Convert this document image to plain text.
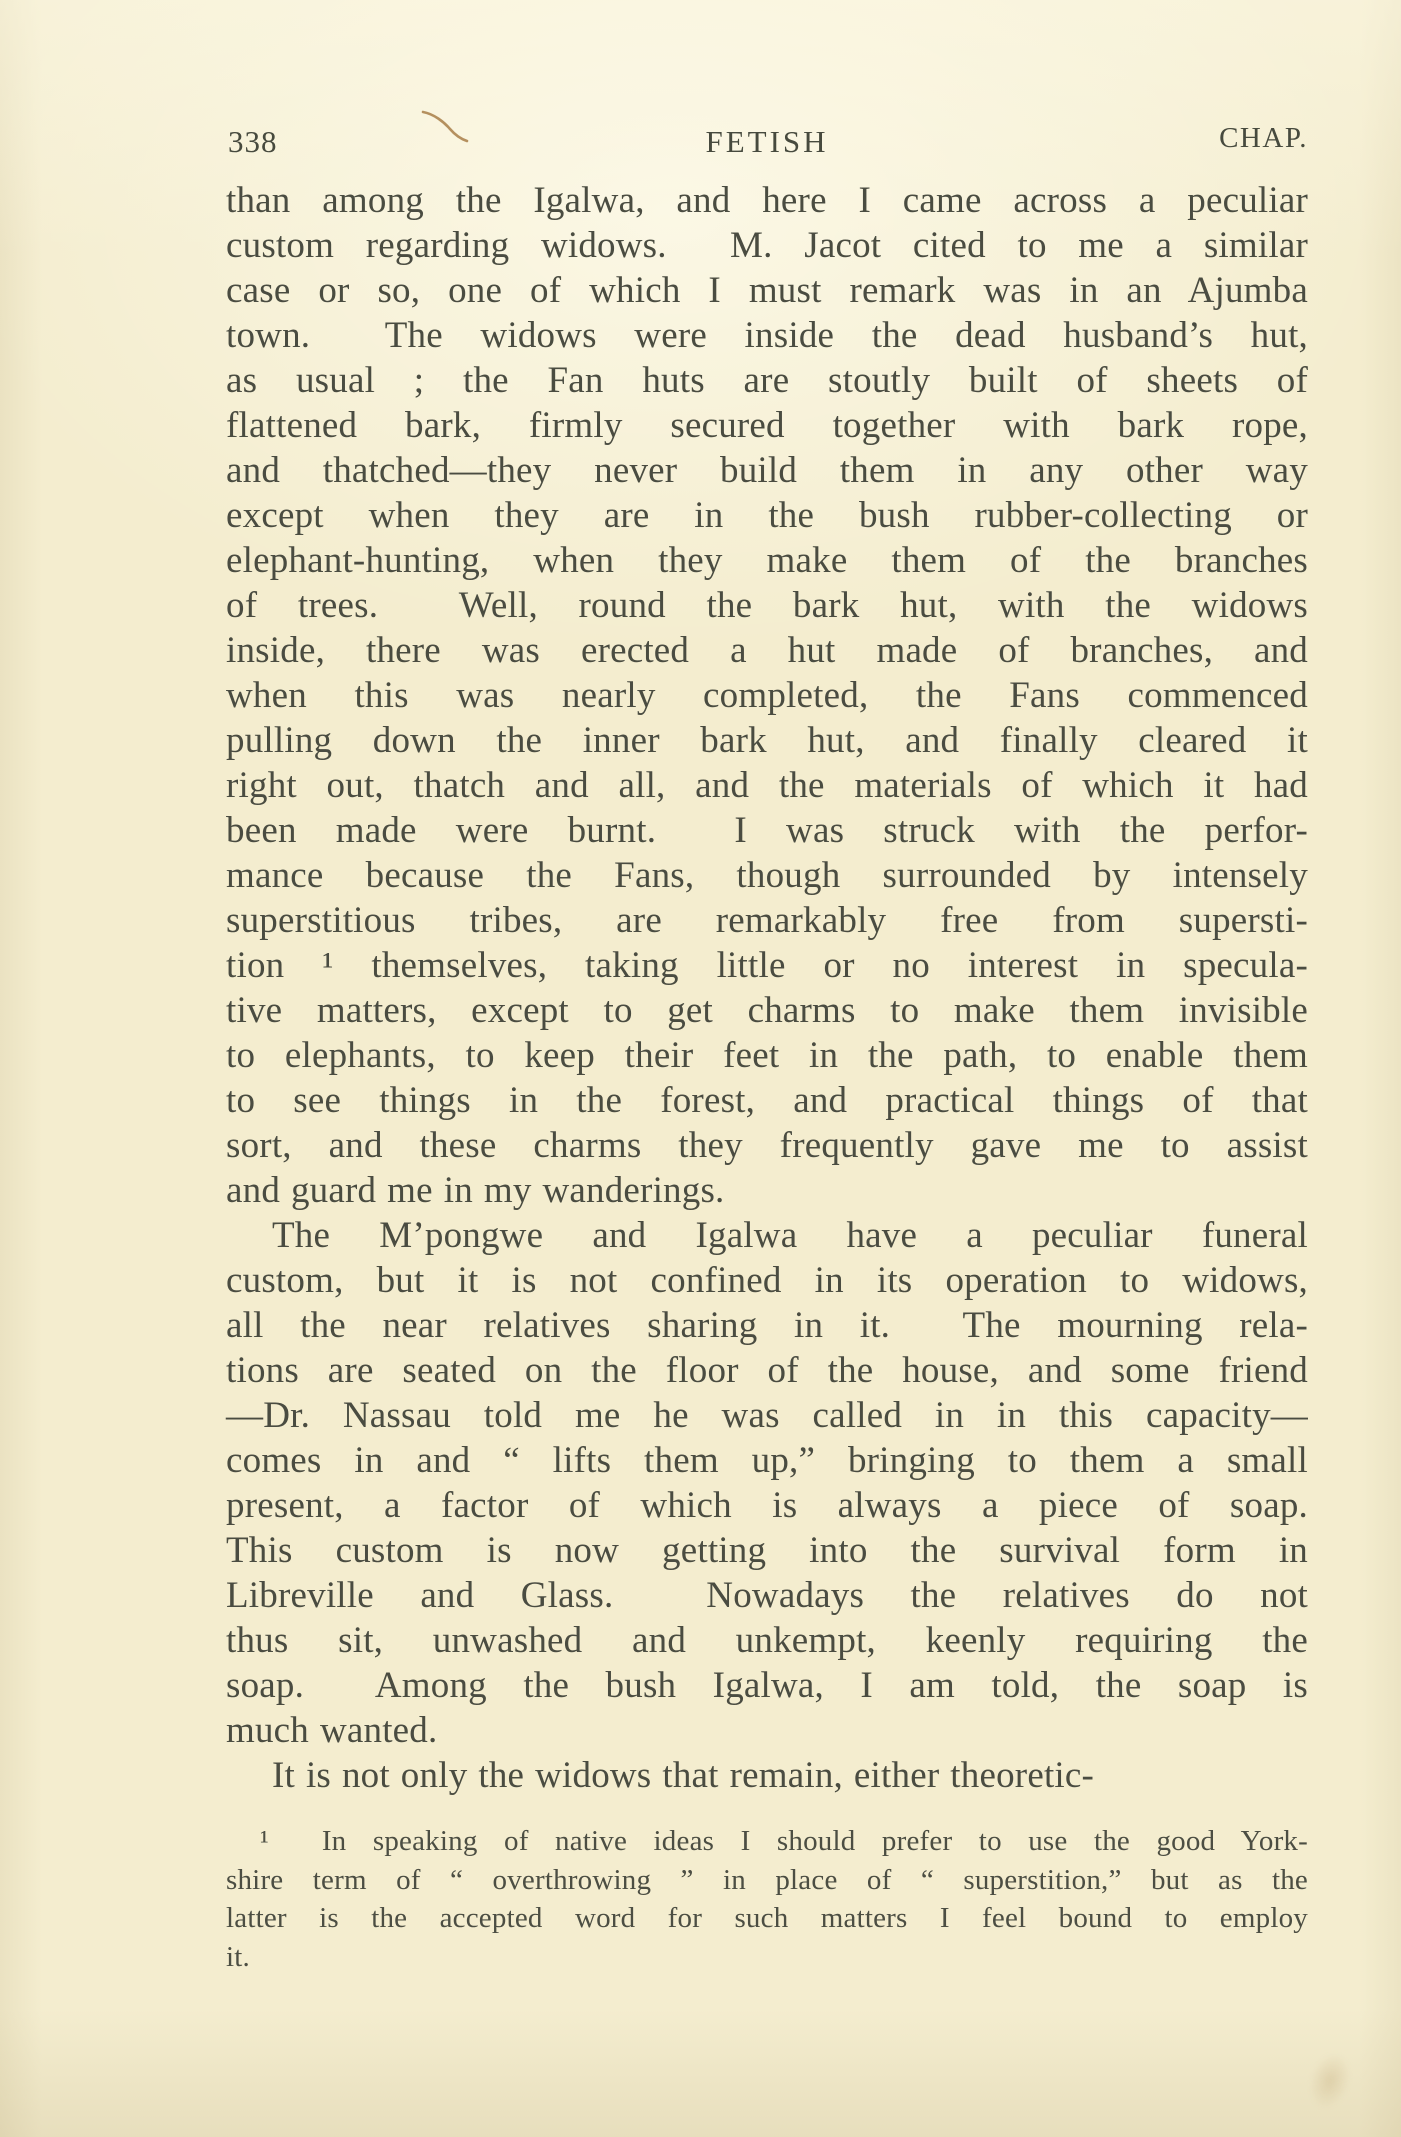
338	FETISH	CHAP.
than among the Igalwa, and here I came across a peculiar
custom regarding widows.  M. Jacot cited to me a similar
case or so, one of which I must remark was in an Ajumba
town.  The widows were inside the dead husband’s hut,
as usual ; the Fan huts are stoutly built of sheets of
flattened bark, firmly secured together with bark rope,
and thatched—they never build them in any other way
except when they are in the bush rubber-collecting or
elephant-hunting, when they make them of the branches
of trees.  Well, round the bark hut, with the widows
inside, there was erected a hut made of branches, and
when this was nearly completed, the Fans commenced
pulling down the inner bark hut, and finally cleared it
right out, thatch and all, and the materials of which it had
been made were burnt.  I was struck with the perfor-
mance because the Fans, though surrounded by intensely
superstitious tribes, are remarkably free from supersti-
tion ¹ themselves, taking little or no interest in specula-
tive matters, except to get charms to make them invisible
to elephants, to keep their feet in the path, to enable them
to see things in the forest, and practical things of that
sort, and these charms they frequently gave me to assist
and guard me in my wanderings.
The M’pongwe and Igalwa have a peculiar funeral
custom, but it is not confined in its operation to widows,
all the near relatives sharing in it.  The mourning rela-
tions are seated on the floor of the house, and some friend
—Dr. Nassau told me he was called in in this capacity—
comes in and “ lifts them up,” bringing to them a small
present, a factor of which is always a piece of soap.
This custom is now getting into the survival form in
Libreville and Glass.  Nowadays the relatives do not
thus sit, unwashed and unkempt, keenly requiring the
soap.  Among the bush Igalwa, I am told, the soap is
much wanted.
It is not only the widows that remain, either theoretic-
¹  In speaking of native ideas I should prefer to use the good York-
shire term of “ overthrowing ” in place of “ superstition,” but as the
latter is the accepted word for such matters I feel bound to employ
it.
